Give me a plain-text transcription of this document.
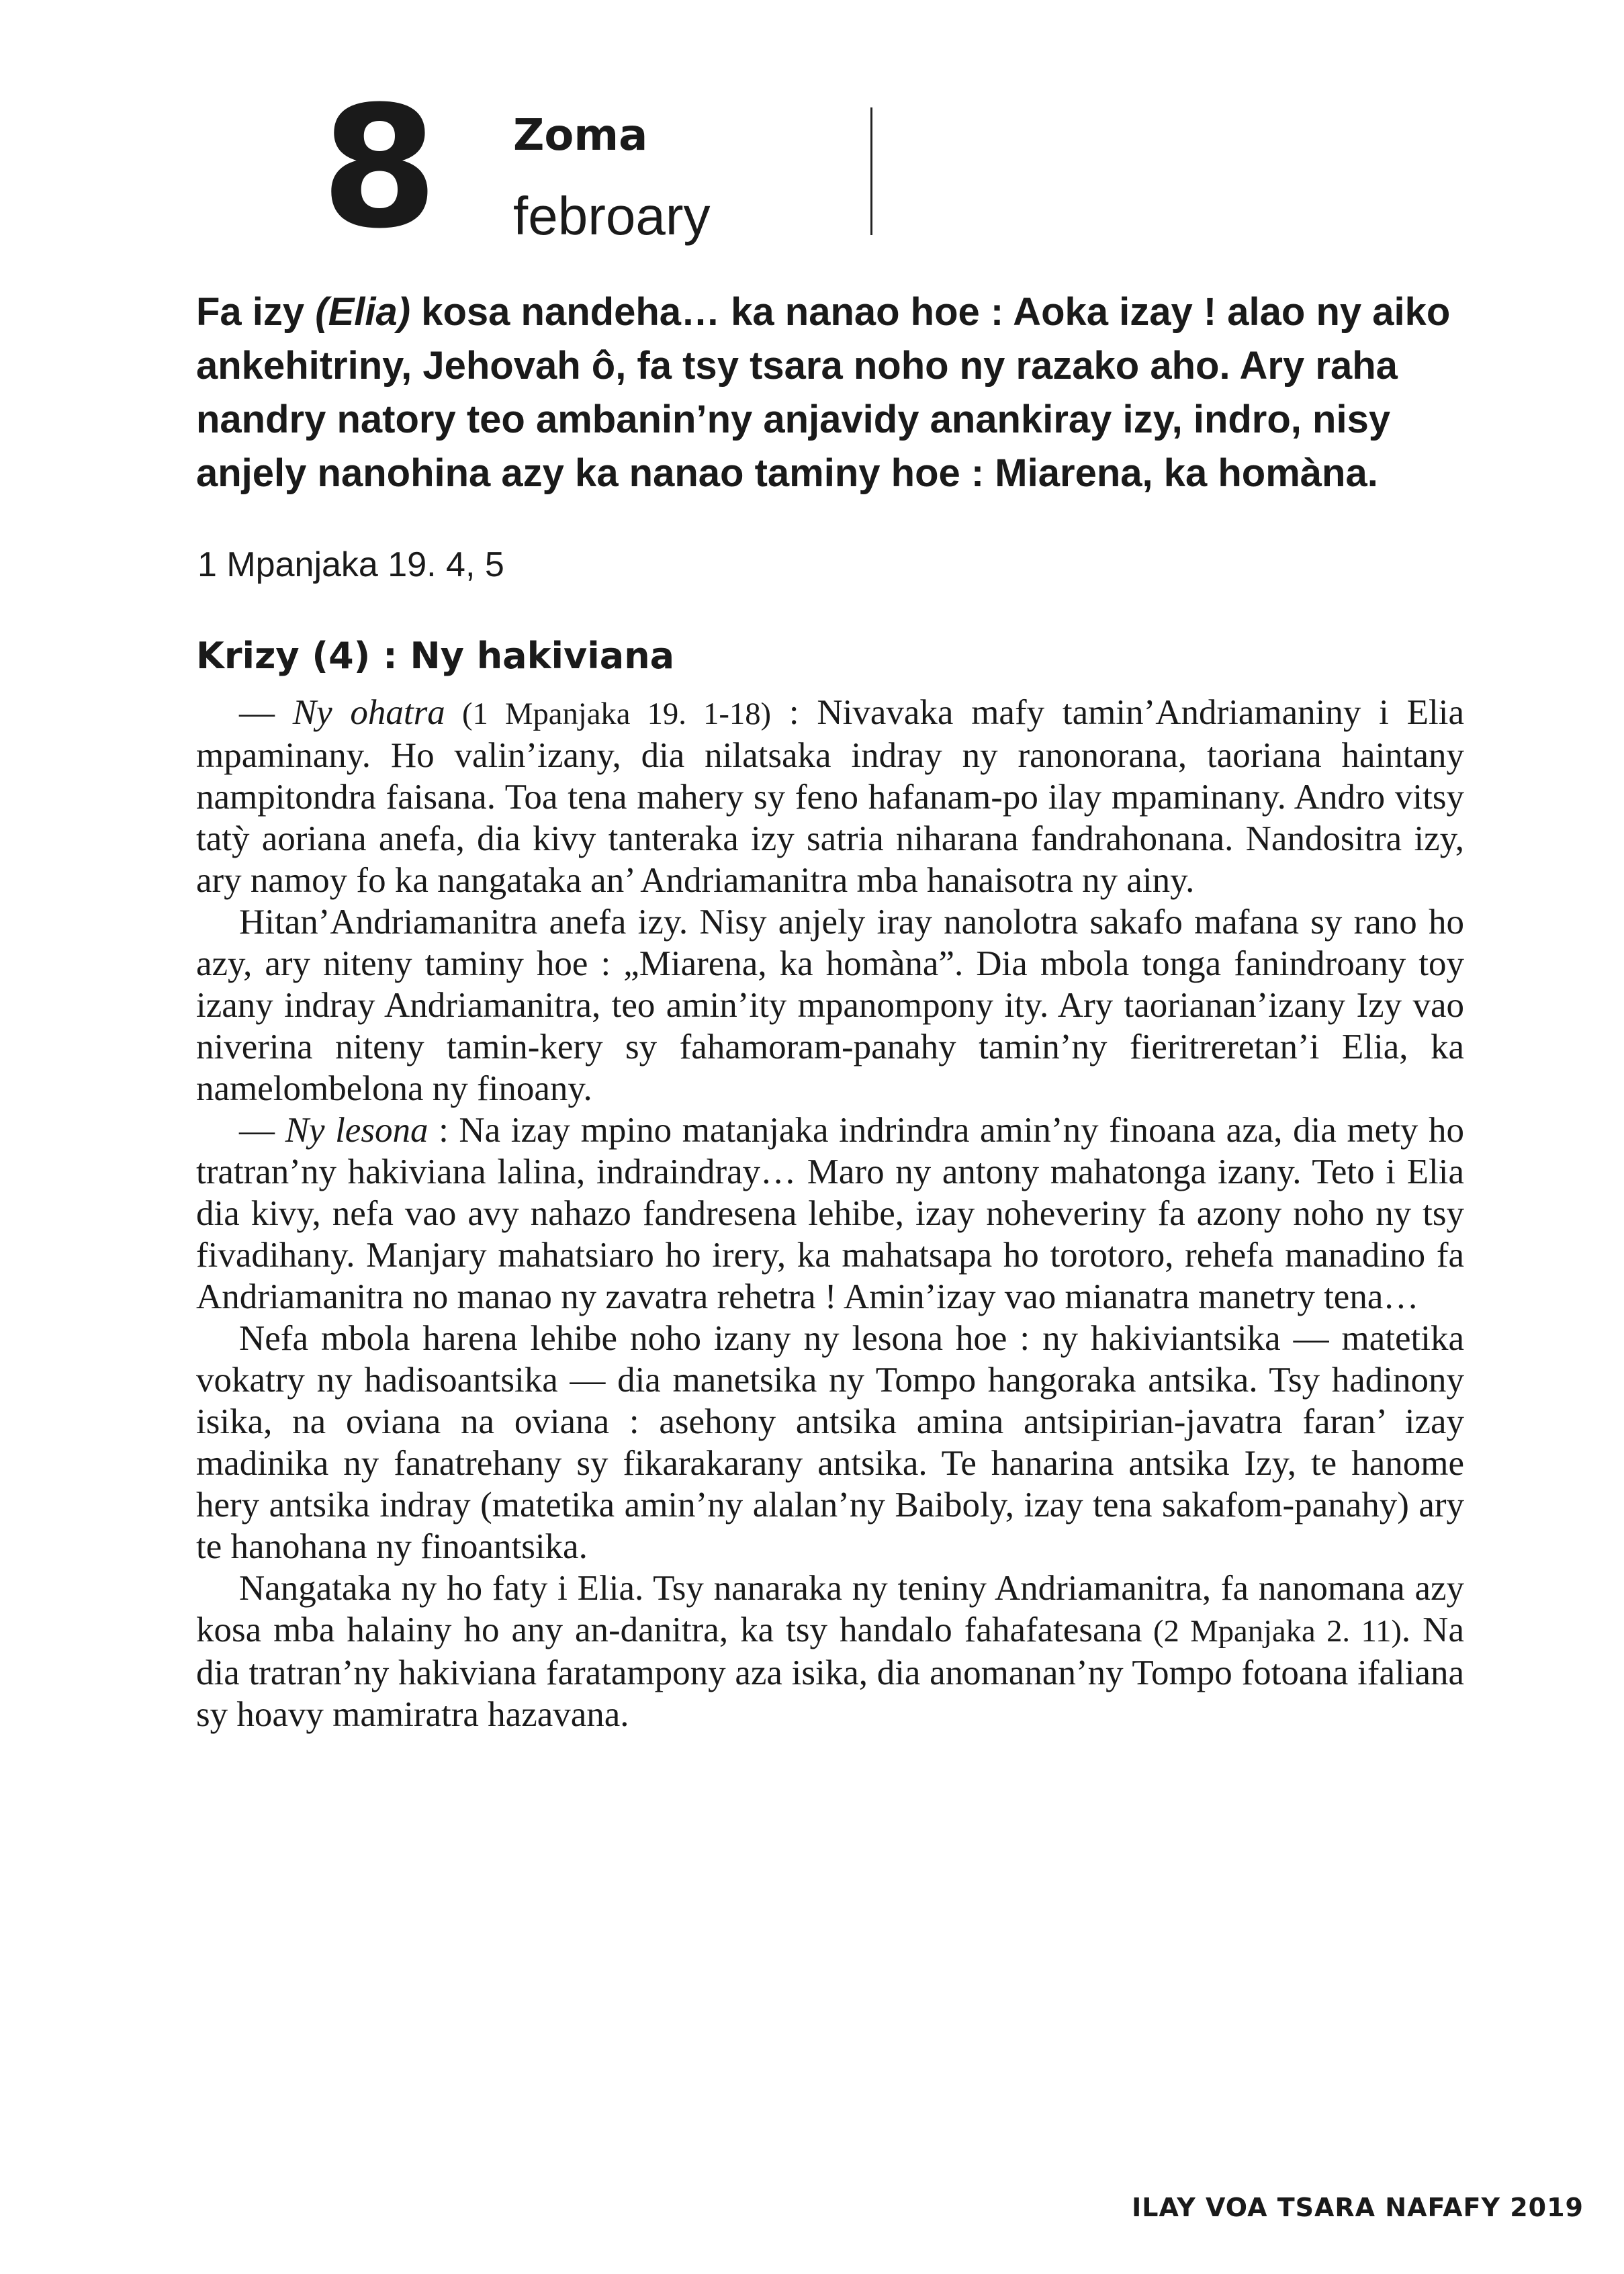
8 Zoma
febroary

Fa izy (Elia) kosa nandeha… ka nanao hoe : Aoka izay ! alao ny aiko ankehitriny, Jehovah ô, fa tsy tsara noho ny razako aho. Ary raha nandry natory teo ambanin’ny anjavidy anankiray izy, indro, nisy anjely nanohina azy ka nanao taminy hoe : Miarena, ka homàna.

1 Mpanjaka 19. 4, 5

Krizy (4) : Ny hakiviana

— Ny ohatra (1 Mpanjaka 19. 1-18) : Nivavaka mafy tamin’Andriamaniny i Elia mpaminany. Ho valin’izany, dia nilatsaka indray ny ranonorana, taoriana haintany nampitondra faisana. Toa tena mahery sy feno hafanam-po ilay mpaminany. Andro vitsy tatỳ aoriana anefa, dia kivy tanteraka izy satria niharana fandrahonana. Nandositra izy, ary namoy fo ka nangataka an’ Andriamanitra mba hanaisotra ny ainy.

Hitan’Andriamanitra anefa izy. Nisy anjely iray nanolotra sakafo mafana sy rano ho azy, ary niteny taminy hoe : „Miarena, ka homàna”. Dia mbola tonga fanindroany toy izany indray Andriamanitra, teo amin’ity mpanompony ity. Ary taorianan’izany Izy vao niverina niteny tamin-kery sy fahamoram-panahy tamin’ny fieritreretan’i Elia, ka namelombelona ny finoany.

— Ny lesona : Na izay mpino matanjaka indrindra amin’ny finoana aza, dia mety ho tratran’ny hakiviana lalina, indraindray… Maro ny antony mahatonga izany. Teto i Elia dia kivy, nefa vao avy nahazo fandresena lehibe, izay noheveriny fa azony noho ny tsy fivadihany. Manjary mahatsiaro ho irery, ka mahatsapa ho torotoro, rehefa manadino fa Andriamanitra no manao ny zavatra rehetra ! Amin’izay vao mianatra manetry tena…

Nefa mbola harena lehibe noho izany ny lesona hoe : ny hakiviantsika — matetika vokatry ny hadisoantsika — dia manetsika ny Tompo hangoraka antsika. Tsy hadinony isika, na oviana na oviana : asehony antsika amina antsipirian-javatra faran’ izay madinika ny fanatrehany sy fikarakarany antsika. Te hanarina antsika Izy, te hanome hery antsika indray (matetika amin’ny alalan’ny Baiboly, izay tena sakafom-panahy) ary te hanohana ny finoantsika.

Nangataka ny ho faty i Elia. Tsy nanaraka ny teniny Andriamanitra, fa nanomana azy kosa mba halainy ho any an-danitra, ka tsy handalo fahafatesana (2 Mpanjaka 2. 11). Na dia tratran’ny hakiviana faratampony aza isika, dia anomanan’ny Tompo fotoana ifaliana sy hoavy mamiratra hazavana.

ILAY VOA TSARA NAFAFY 2019
